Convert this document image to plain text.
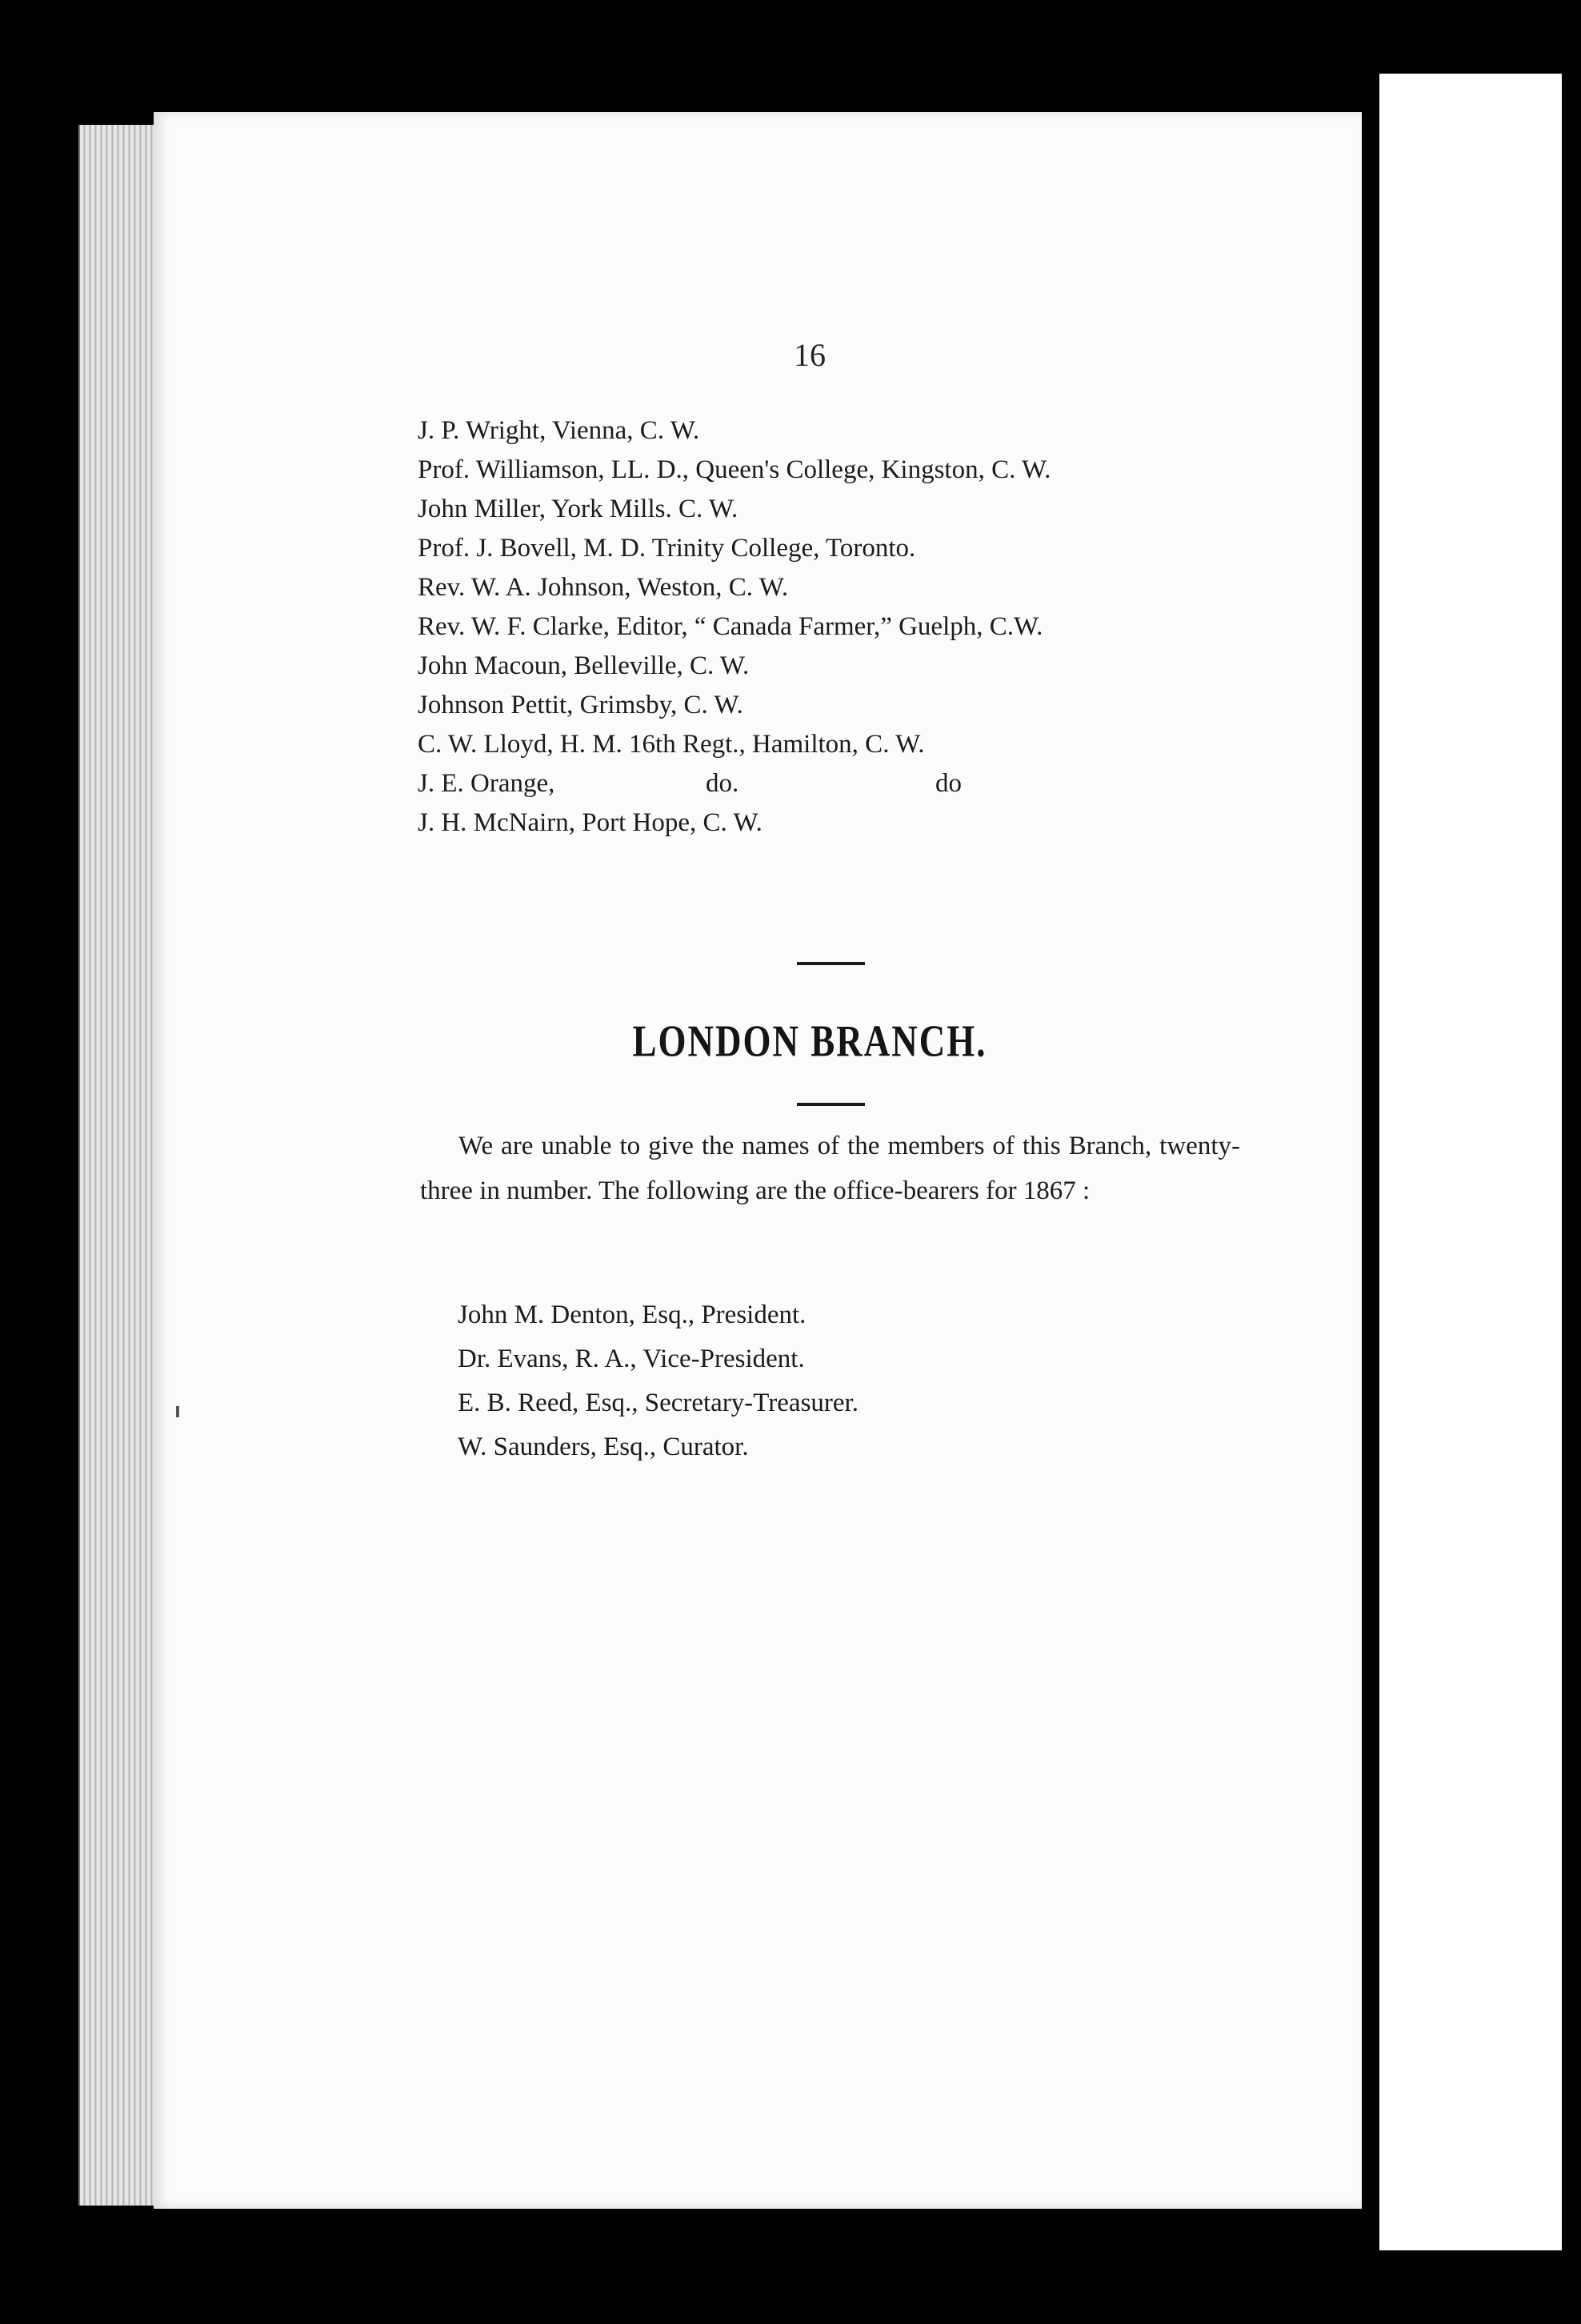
16
J. P. Wright, Vienna, C. W.
Prof. Williamson, LL. D., Queen's College, Kingston, C. W.
John Miller, York Mills. C. W.
Prof. J. Bovell, M. D. Trinity College, Toronto.
Rev. W. A. Johnson, Weston, C. W.
Rev. W. F. Clarke, Editor, “ Canada Farmer,” Guelph, C.W.
John Macoun, Belleville, C. W.
Johnson Pettit, Grimsby, C. W.
C. W. Lloyd, H. M. 16th Regt., Hamilton, C. W.
J. E. Orange,	do.	do
J. H. McNairn, Port Hope, C. W.
LONDON BRANCH.

We are unable to give the names of the members of this Branch, twenty-three in number. The following are the office-bearers for 1867 :

John M. Denton, Esq., President.
Dr. Evans, R. A., Vice-President.
E. B. Reed, Esq., Secretary-Treasurer.
W. Saunders, Esq., Curator.
